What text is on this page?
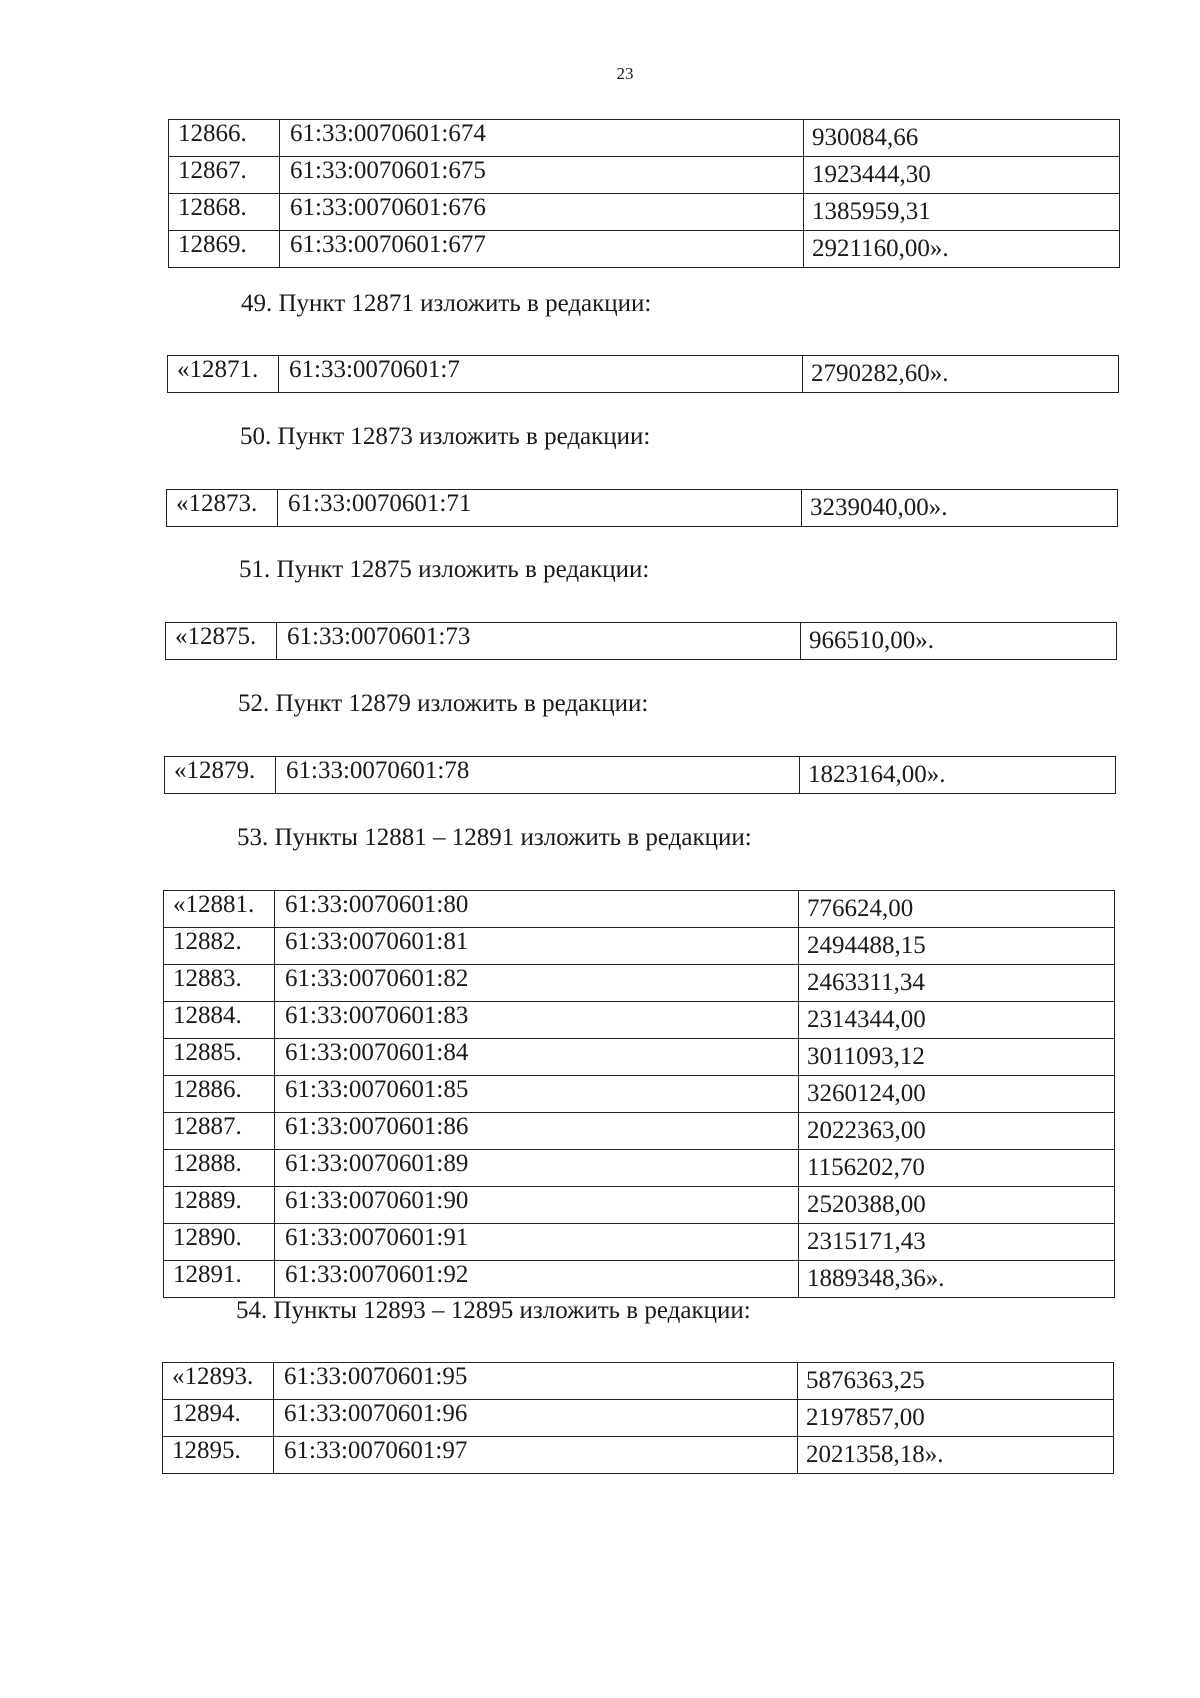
23
12866.	61:33:0070601:674	930084,66
12867.	61:33:0070601:675	1923444,30
12868.	61:33:0070601:676	1385959,31
12869.	61:33:0070601:677	2921160,00».
49. Пункт 12871 изложить в редакции:
«12871.	61:33:0070601:7	2790282,60».
50. Пункт 12873 изложить в редакции:
«12873.	61:33:0070601:71	3239040,00».
51. Пункт 12875 изложить в редакции:
«12875.	61:33:0070601:73	966510,00».
52. Пункт 12879 изложить в редакции:
«12879.	61:33:0070601:78	1823164,00».
53. Пункты 12881 – 12891 изложить в редакции:
«12881.	61:33:0070601:80	776624,00
12882.	61:33:0070601:81	2494488,15
12883.	61:33:0070601:82	2463311,34
12884.	61:33:0070601:83	2314344,00
12885.	61:33:0070601:84	3011093,12
12886.	61:33:0070601:85	3260124,00
12887.	61:33:0070601:86	2022363,00
12888.	61:33:0070601:89	1156202,70
12889.	61:33:0070601:90	2520388,00
12890.	61:33:0070601:91	2315171,43
12891.	61:33:0070601:92	1889348,36».
54. Пункты 12893 – 12895 изложить в редакции:
«12893.	61:33:0070601:95	5876363,25
12894.	61:33:0070601:96	2197857,00
12895.	61:33:0070601:97	2021358,18».
